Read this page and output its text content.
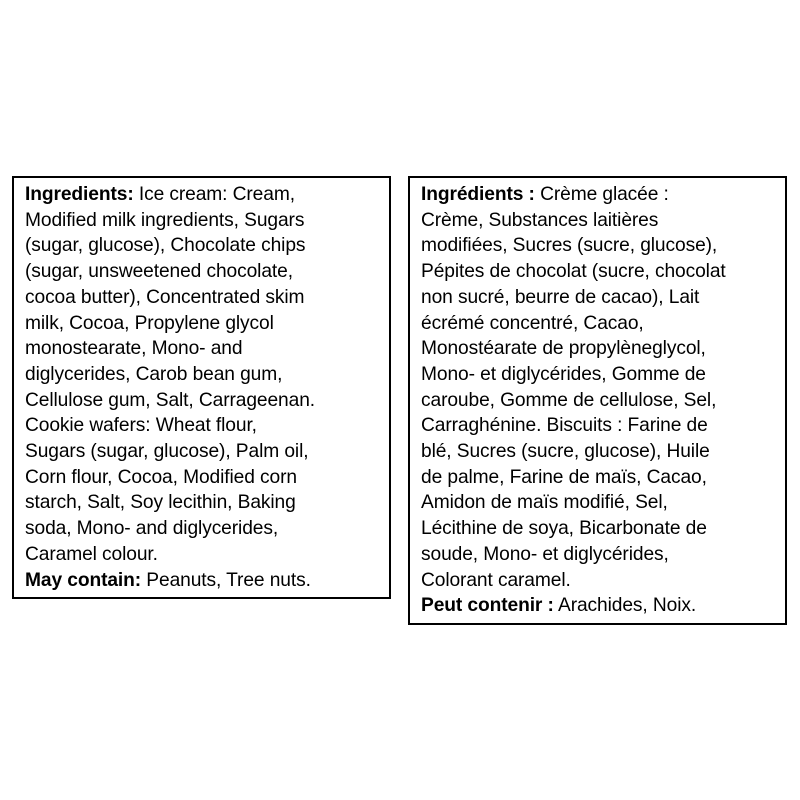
Ingredients: Ice cream: Cream,
Modified milk ingredients, Sugars
(sugar, glucose), Chocolate chips
(sugar, unsweetened chocolate,
cocoa butter), Concentrated skim
milk, Cocoa, Propylene glycol
monostearate, Mono- and
diglycerides, Carob bean gum,
Cellulose gum, Salt, Carrageenan.
Cookie wafers: Wheat flour,
Sugars (sugar, glucose), Palm oil,
Corn flour, Cocoa, Modified corn
starch, Salt, Soy lecithin, Baking
soda, Mono- and diglycerides,
Caramel colour.
May contain: Peanuts, Tree nuts.

Ingrédients : Crème glacée :
Crème, Substances laitières
modifiées, Sucres (sucre, glucose),
Pépites de chocolat (sucre, chocolat
non sucré, beurre de cacao), Lait
écrémé concentré, Cacao,
Monostéarate de propylèneglycol,
Mono- et diglycérides, Gomme de
caroube, Gomme de cellulose, Sel,
Carraghénine. Biscuits : Farine de
blé, Sucres (sucre, glucose), Huile
de palme, Farine de maïs, Cacao,
Amidon de maïs modifié, Sel,
Lécithine de soya, Bicarbonate de
soude, Mono- et diglycérides,
Colorant caramel.
Peut contenir : Arachides, Noix.
